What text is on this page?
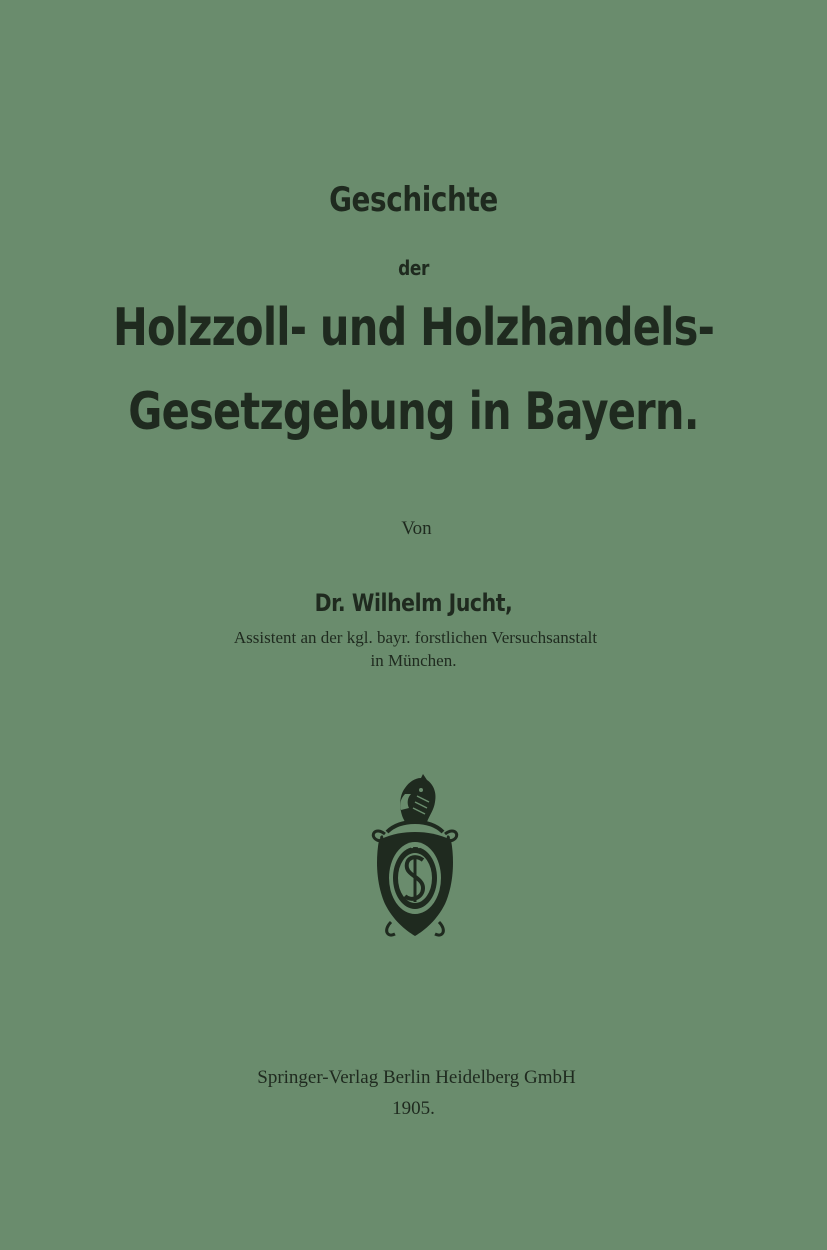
Geschichte
der
Holzzoll- und Holzhandels-
Gesetzgebung in Bayern.
Von
Dr. Wilhelm Jucht,
Assistent an der kgl. bayr. forstlichen Versuchsanstalt
in München.
Springer-Verlag Berlin Heidelberg GmbH
1905.
